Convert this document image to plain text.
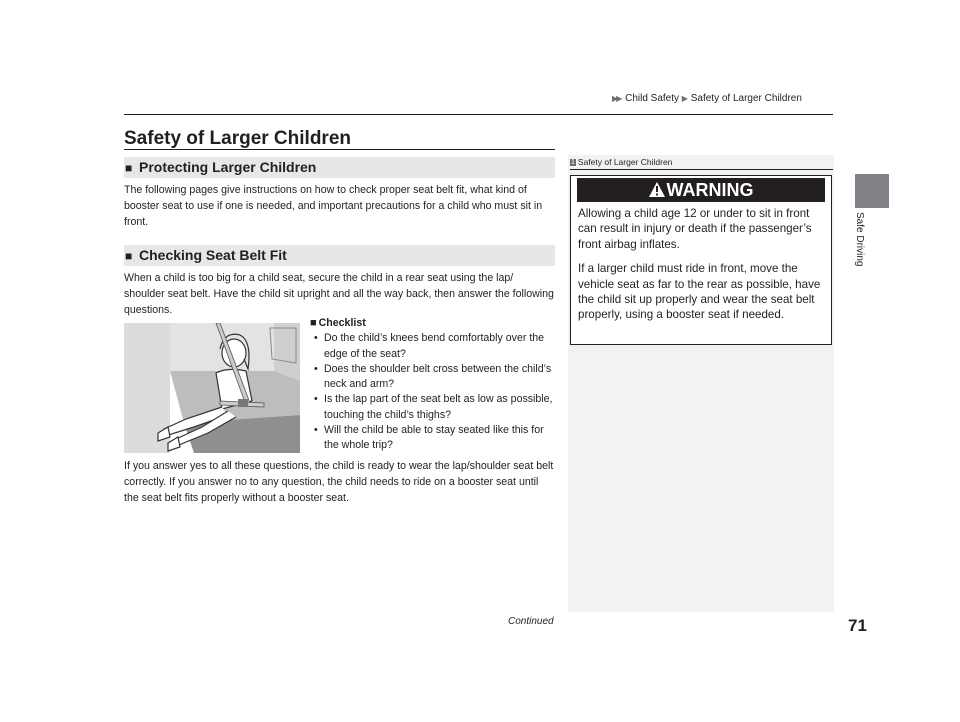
▶▶ Child Safety ▶ Safety of Larger Children
Safe Driving
Safety of Larger Children
■ Protecting Larger Children
The following pages give instructions on how to check proper seat belt fit, what kind of booster seat to use if one is needed, and important precautions for a child who must sit in front.
■ Checking Seat Belt Fit
When a child is too big for a child seat, secure the child in a rear seat using the lap/ shoulder seat belt. Have the child sit upright and all the way back, then answer the following questions.
■ Checklist
• Do the child’s knees bend comfortably over the edge of the seat?
• Does the shoulder belt cross between the child’s neck and arm?
• Is the lap part of the seat belt as low as possible, touching the child’s thighs?
• Will the child be able to stay seated like this for the whole trip?
If you answer yes to all these questions, the child is ready to wear the lap/shoulder seat belt correctly. If you answer no to any question, the child needs to ride on a booster seat until the seat belt fits properly without a booster seat.
1 Safety of Larger Children
WARNING

Allowing a child age 12 or under to sit in front can result in injury or death if the passenger’s front airbag inflates.

If a larger child must ride in front, move the vehicle seat as far to the rear as possible, have the child sit up properly and wear the seat belt properly, using a booster seat if needed.

Continued	71
